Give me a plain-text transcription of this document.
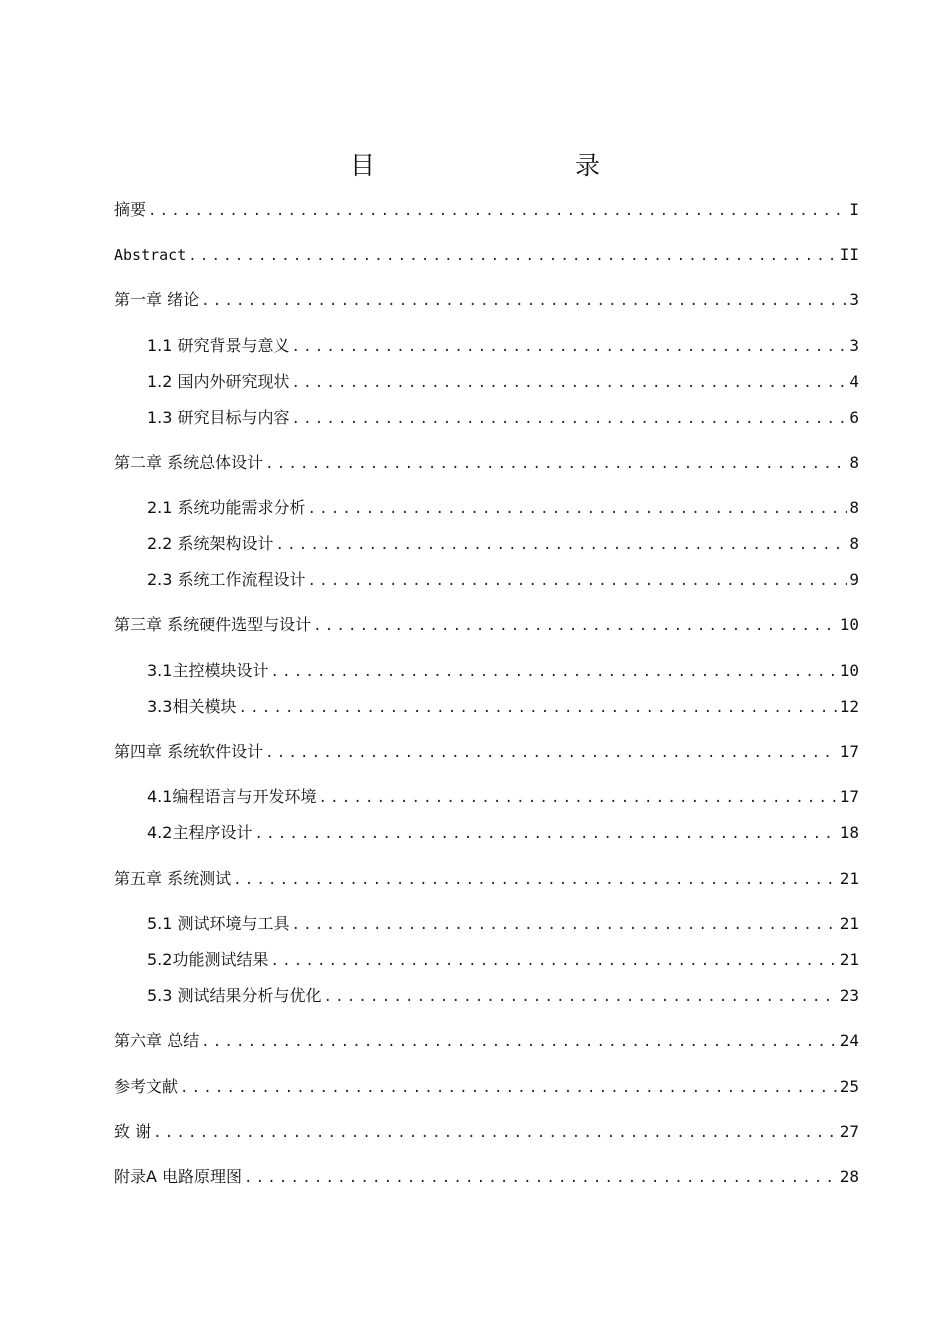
目　　录
摘要 .....	I
Abstract .....	II
第一章 绪论 .....	3
1.1 研究背景与意义 .....	3
1.2 国内外研究现状 .....	4
1.3 研究目标与内容 .....	6
第二章 系统总体设计 .....	8
2.1 系统功能需求分析 .....	8
2.2 系统架构设计 .....	8
2.3 系统工作流程设计 .....	9
第三章 系统硬件选型与设计 .....	10
3.1主控模块设计 .....	10
3.3相关模块 .....	12
第四章 系统软件设计 .....	17
4.1编程语言与开发环境 .....	17
4.2主程序设计 .....	18
第五章 系统测试 .....	21
5.1 测试环境与工具 .....	21
5.2功能测试结果 .....	21
5.3 测试结果分析与优化 .....	23
第六章 总结 .....	24
参考文献 .....	25
致 谢 .....	27
附录A 电路原理图 .....	28
